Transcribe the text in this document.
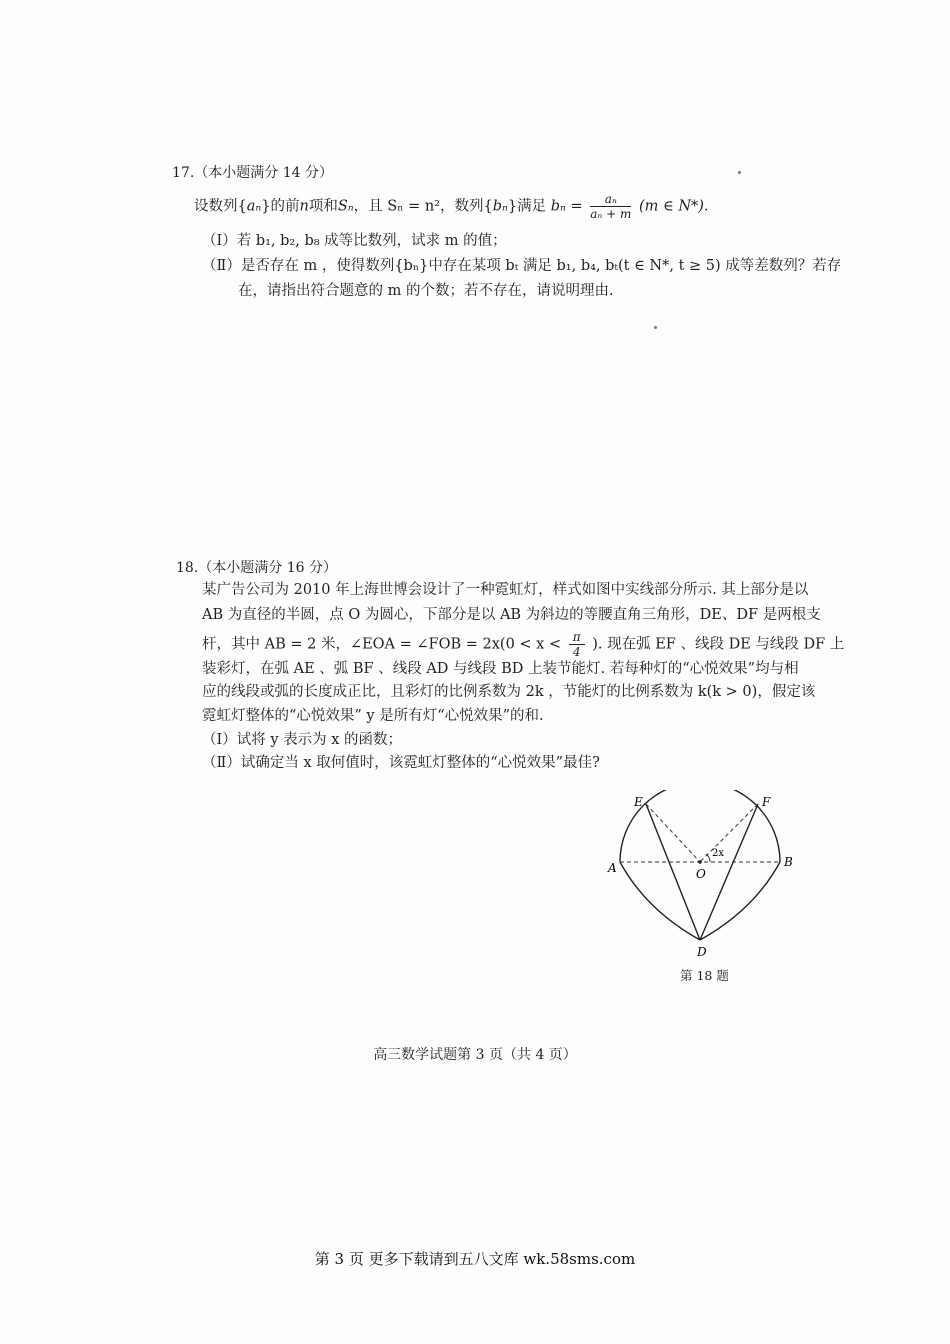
17.（本小题满分 14 分）
设数列{aₙ}的前n项和Sₙ，且 Sₙ = n²，数列{bₙ}满足 $b_n = \frac{\text{aₙ}}{\text{aₙ + m}} (m$ ∈ N*).
（Ⅰ）若 b₁, b₂, b₈ 成等比数列，试求 m 的值；
（Ⅱ）是否存在 m ，使得数列{bₙ}中存在某项 bₜ 满足 b₁, b₄, bₜ(t ∈ N*, t ≥ 5) 成等差数列？若存
在，请指出符合题意的 m 的个数；若不存在，请说明理由.
18.（本小题满分 16 分）
某广告公司为 2010 年上海世博会设计了一种霓虹灯，样式如图中实线部分所示. 其上部分是以
AB 为直径的半圆，点 O 为圆心，下部分是以 AB 为斜边的等腰直角三角形，DE、DF 是两根支
杆，其中 AB = 2 米，∠EOA = ∠FOB = $2x(0 < x < \frac{\pi}{4}$ ). 现在弧 EF 、线段 DE 与线段 DF 上
装彩灯，在弧 AE 、弧 BF 、线段 AD 与线段 BD 上装节能灯. 若每种灯的“心悦效果”均与相
应的线段或弧的长度成正比，且彩灯的比例系数为 2k ，节能灯的比例系数为 k(k > 0)，假定该
霓虹灯整体的“心悦效果” y 是所有灯“心悦效果”的和.
（Ⅰ）试将 y 表示为 x 的函数；
（Ⅱ）试确定当 x 取何值时，该霓虹灯整体的“心悦效果”最佳?
E	F
A	B
O
D
2x
第 18 题
高三数学试题第 3 页（共 4 页）
第 3 页 更多下载请到五八文库 wk.58sms.com
